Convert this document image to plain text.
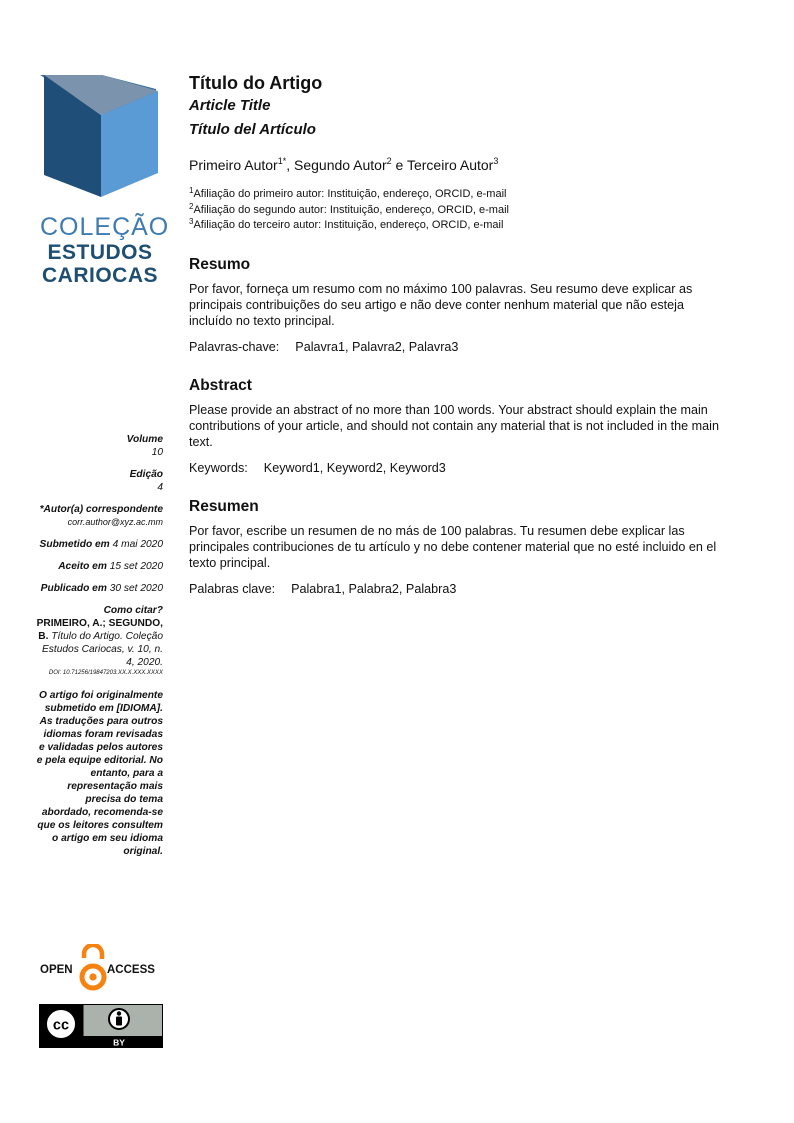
COLEÇÃO
ESTUDOS
CARIOCAS
Volume
10
Edição
4
*Autor(a) correspondente
corr.author@xyz.ac.mm
Submetido em 4 mai 2020
Aceito em 15 set 2020
Publicado em 30 set 2020
Como citar?
PRIMEIRO, A.; SEGUNDO, B. Título do Artigo. Coleção Estudos Cariocas, v. 10, n. 4, 2020.
DOI: 10.71256/19847203.XX.X.XXX.XXXX
O artigo foi originalmente submetido em [IDIOMA]. As traduções para outros idiomas foram revisadas e validadas pelos autores e pela equipe editorial. No entanto, para a representação mais precisa do tema abordado, recomenda-se que os leitores consultem o artigo em seu idioma original.
OPEN	ACCESS
cc
BY
Título do Artigo
Article Title
Título del Artículo
Primeiro Autor$^{1*}$, Segundo Autor$^2$ e Terceiro Autor$^3$
$^1$Afiliação do primeiro autor: Instituição, endereço, ORCID, e-mail
$^2$Afiliação do segundo autor: Instituição, endereço, ORCID, e-mail
$^3$Afiliação do terceiro autor: Instituição, endereço, ORCID, e-mail
Resumo

Por favor, forneça um resumo com no máximo 100 palavras. Seu resumo deve explicar as principais contribuições do seu artigo e não deve conter nenhum material que não esteja incluído no texto principal.

Palavras-chave: Palavra1, Palavra2, Palavra3
Abstract

Please provide an abstract of no more than 100 words. Your abstract should explain the main contributions of your article, and should not contain any material that is not included in the main text.

Keywords: Keyword1, Keyword2, Keyword3
Resumen

Por favor, escribe un resumen de no más de 100 palabras. Tu resumen debe explicar las principales contribuciones de tu artículo y no debe contener material que no esté incluido en el texto principal.

Palabras clave: Palabra1, Palabra2, Palabra3
